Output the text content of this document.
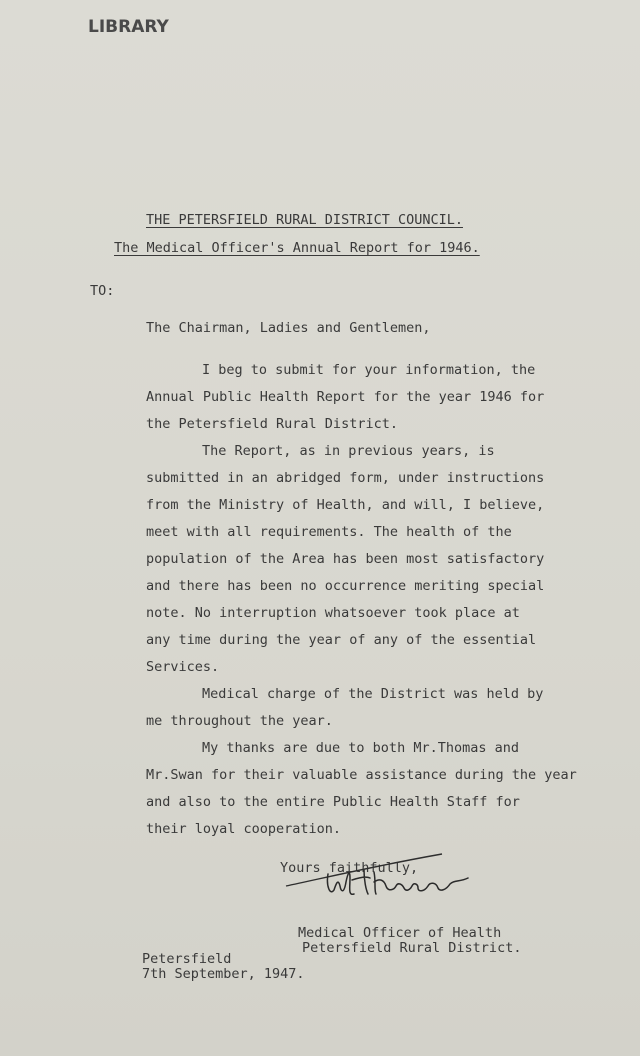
LIBRARY
THE PETERSFIELD RURAL DISTRICT COUNCIL.
The Medical Officer's Annual Report for 1946.
TO:
The Chairman, Ladies and Gentlemen,
I beg to submit for your information, the
Annual Public Health Report for the year 1946 for
the Petersfield Rural District.
The Report, as in previous years, is
submitted in an abridged form, under instructions
from the Ministry of Health, and will, I believe,
meet with all requirements. The health of the
population of the Area has been most satisfactory
and there has been no occurrence meriting special
note. No interruption whatsoever took place at
any time during the year of any of the essential
Services.
Medical charge of the District was held by
me throughout the year.
My thanks are due to both Mr.Thomas and
Mr.Swan for their valuable assistance during the year
and also to the entire Public Health Staff for
their loyal cooperation.
Yours faithfully,
Medical Officer of Health
Petersfield Rural District.
Petersfield
7th September, 1947.
